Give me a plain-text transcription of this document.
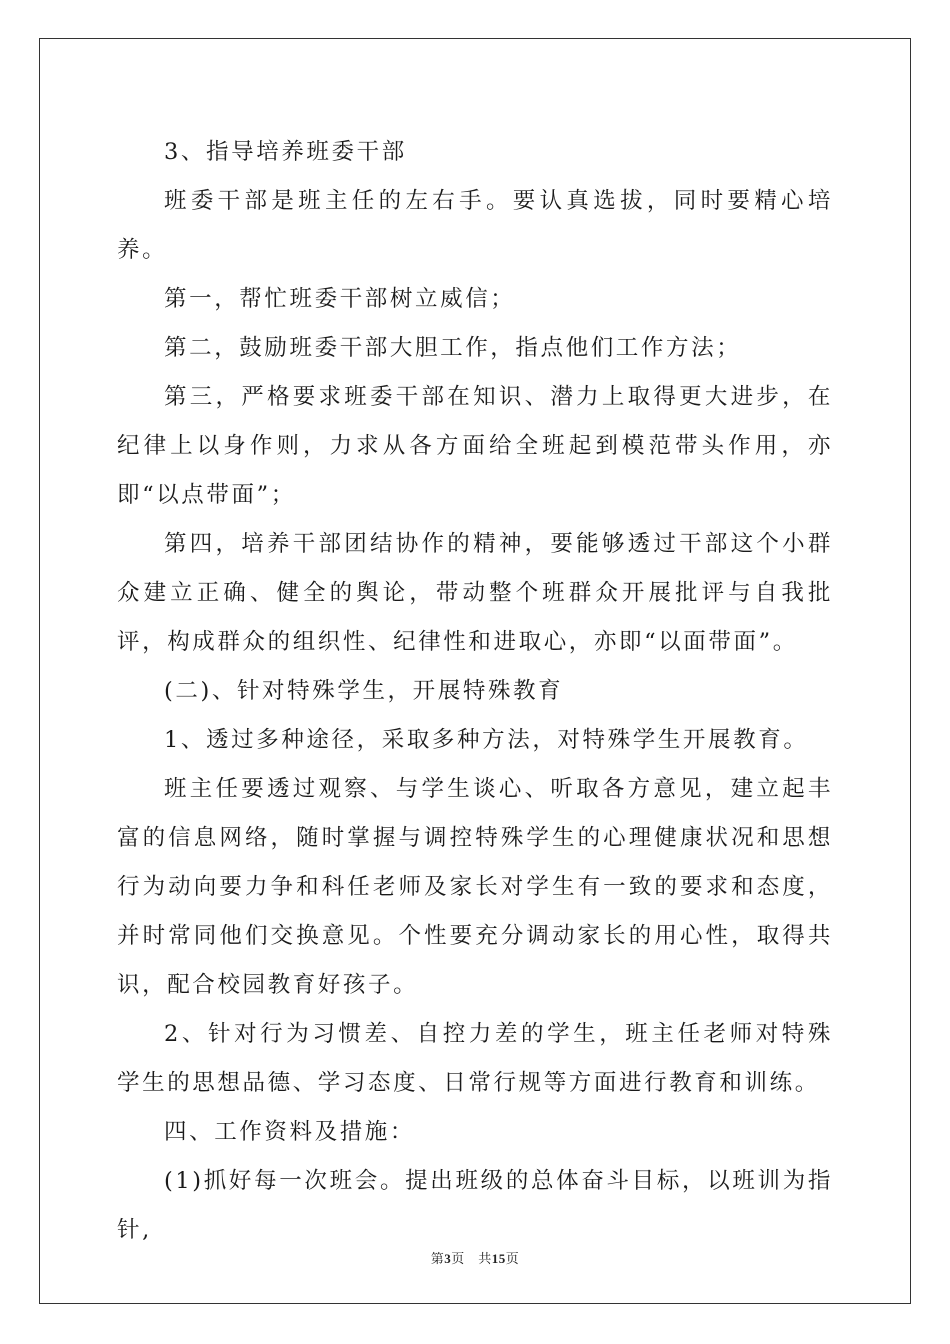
3、指导培养班委干部

班委干部是班主任的左右手。要认真选拔，同时要精心培养。

第一，帮忙班委干部树立威信；

第二，鼓励班委干部大胆工作，指点他们工作方法；

第三，严格要求班委干部在知识、潜力上取得更大进步，在纪律上以身作则，力求从各方面给全班起到模范带头作用，亦即“以点带面”；

第四，培养干部团结协作的精神，要能够透过干部这个小群众建立正确、健全的舆论，带动整个班群众开展批评与自我批评，构成群众的组织性、纪律性和进取心，亦即“以面带面”。

(二)、针对特殊学生，开展特殊教育

1、透过多种途径，采取多种方法，对特殊学生开展教育。

班主任要透过观察、与学生谈心、听取各方意见，建立起丰富的信息网络，随时掌握与调控特殊学生的心理健康状况和思想行为动向要力争和科任老师及家长对学生有一致的要求和态度，并时常同他们交换意见。个性要充分调动家长的用心性，取得共识，配合校园教育好孩子。

2、针对行为习惯差、自控力差的学生，班主任老师对特殊学生的思想品德、学习态度、日常行规等方面进行教育和训练。

四、工作资料及措施：

(1)抓好每一次班会。提出班级的总体奋斗目标，以班训为指针,

第3页　共15页
